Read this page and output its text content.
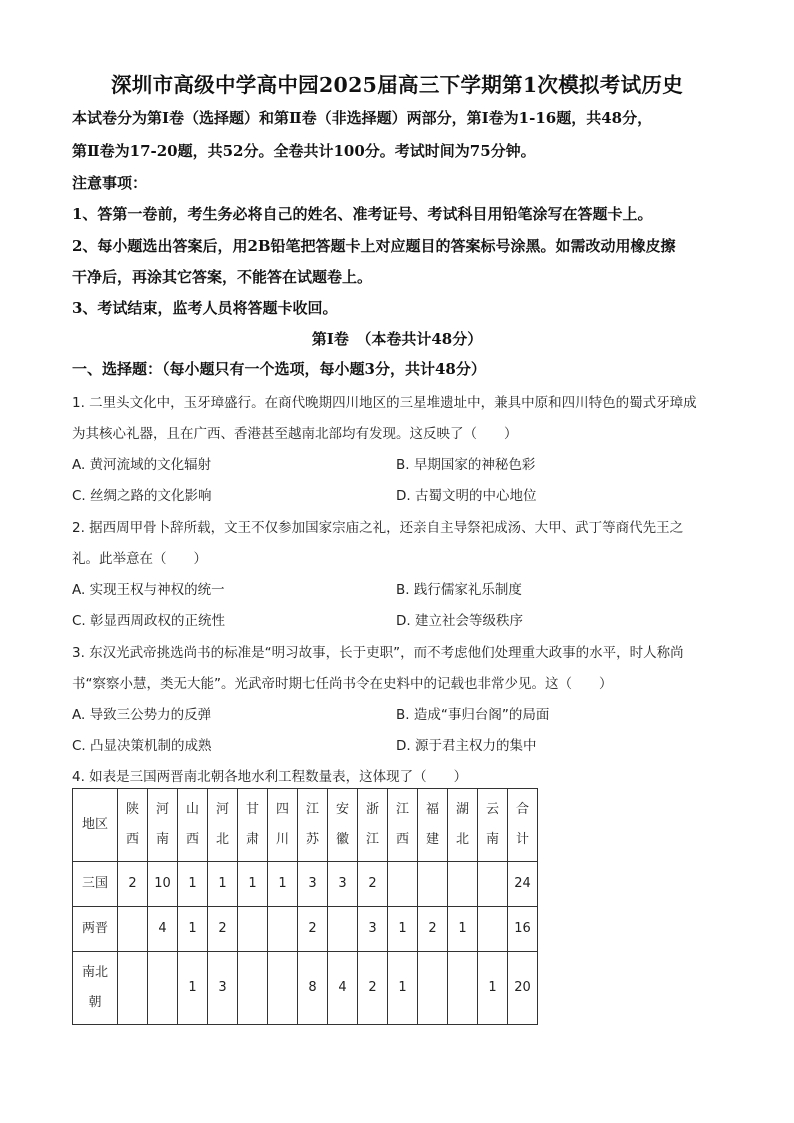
深圳市高级中学高中园2025届高三下学期第1次模拟考试历史
本试卷分为第Ⅰ卷（选择题）和第Ⅱ卷（非选择题）两部分，第Ⅰ卷为1-16题，共48分，
第Ⅱ卷为17-20题，共52分。全卷共计100分。考试时间为75分钟。
注意事项：
1、答第一卷前，考生务必将自己的姓名、准考证号、考试科目用铅笔涂写在答题卡上。
2、每小题选出答案后，用2B铅笔把答题卡上对应题目的答案标号涂黑。如需改动用橡皮擦
干净后，再涂其它答案，不能答在试题卷上。
3、考试结束，监考人员将答题卡收回。
第Ⅰ卷　（本卷共计48分）
一、选择题：（每小题只有一个选项，每小题3分，共计48分）
1. 二里头文化中，玉牙璋盛行。在商代晚期四川地区的三星堆遗址中，兼具中原和四川特色的蜀式牙璋成
为其核心礼器，且在广西、香港甚至越南北部均有发现。这反映了（　　）
A. 黄河流域的文化辐射	B. 早期国家的神秘色彩
C. 丝绸之路的文化影响	D. 古蜀文明的中心地位
2. 据西周甲骨卜辞所载，文王不仅参加国家宗庙之礼，还亲自主导祭祀成汤、大甲、武丁等商代先王之
礼。此举意在（　　）
A. 实现王权与神权的统一	B. 践行儒家礼乐制度
C. 彰显西周政权的正统性	D. 建立社会等级秩序
3. 东汉光武帝挑选尚书的标准是“明习故事，长于吏职”，而不考虑他们处理重大政事的水平，时人称尚
书“察察小慧，类无大能”。光武帝时期七任尚书令在史料中的记载也非常少见。这（　　）
A. 导致三公势力的反弹	B. 造成“事归台阁”的局面
C. 凸显决策机制的成熟	D. 源于君主权力的集中
4. 如表是三国两晋南北朝各地水利工程数量表，这体现了（　　）
地区	陕西	河南	山西	河北	甘肃	四川	江苏	安徽	浙江	江西	福建	湖北	云南	合计
三国	2	10	1	1	1	1	3	3	2					24
两晋		4	1	2			2		3	1	2	1		16
南北朝			1	3			8	4	2	1			1	20
